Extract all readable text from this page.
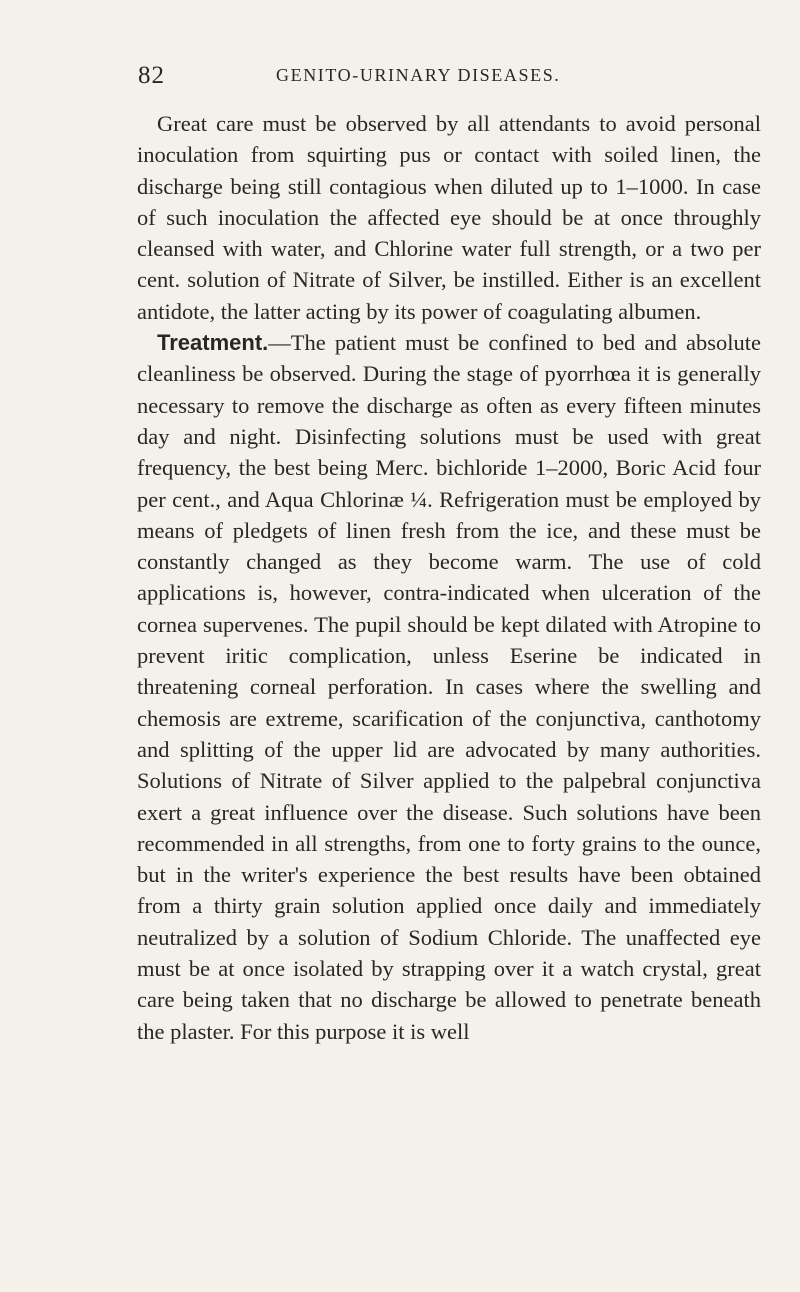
82	GENITO-URINARY DISEASES.

Great care must be observed by all attendants to avoid personal inoculation from squirting pus or contact with soiled linen, the discharge being still contagious when diluted up to 1–1000. In case of such inoculation the affected eye should be at once throughly cleansed with water, and Chlorine water full strength, or a two per cent. solution of Nitrate of Silver, be instilled. Either is an excellent antidote, the latter acting by its power of coagulating albumen.

Treatment.—The patient must be confined to bed and absolute cleanliness be observed. During the stage of pyorrhœa it is generally necessary to remove the discharge as often as every fifteen minutes day and night. Disinfecting solutions must be used with great frequency, the best being Merc. bichloride 1–2000, Boric Acid four per cent., and Aqua Chlorinæ ¼. Refrigeration must be employed by means of pledgets of linen fresh from the ice, and these must be constantly changed as they become warm. The use of cold applications is, however, contra-indicated when ulceration of the cornea supervenes. The pupil should be kept dilated with Atropine to prevent iritic complication, unless Eserine be indicated in threatening corneal perforation. In cases where the swelling and chemosis are extreme, scarification of the conjunctiva, canthotomy and splitting of the upper lid are advocated by many authorities. Solutions of Nitrate of Silver applied to the palpebral conjunctiva exert a great influence over the disease. Such solutions have been recommended in all strengths, from one to forty grains to the ounce, but in the writer's experience the best results have been obtained from a thirty grain solution applied once daily and immediately neutralized by a solution of Sodium Chloride. The unaffected eye must be at once isolated by strapping over it a watch crystal, great care being taken that no discharge be allowed to penetrate beneath the plaster. For this purpose it is well
